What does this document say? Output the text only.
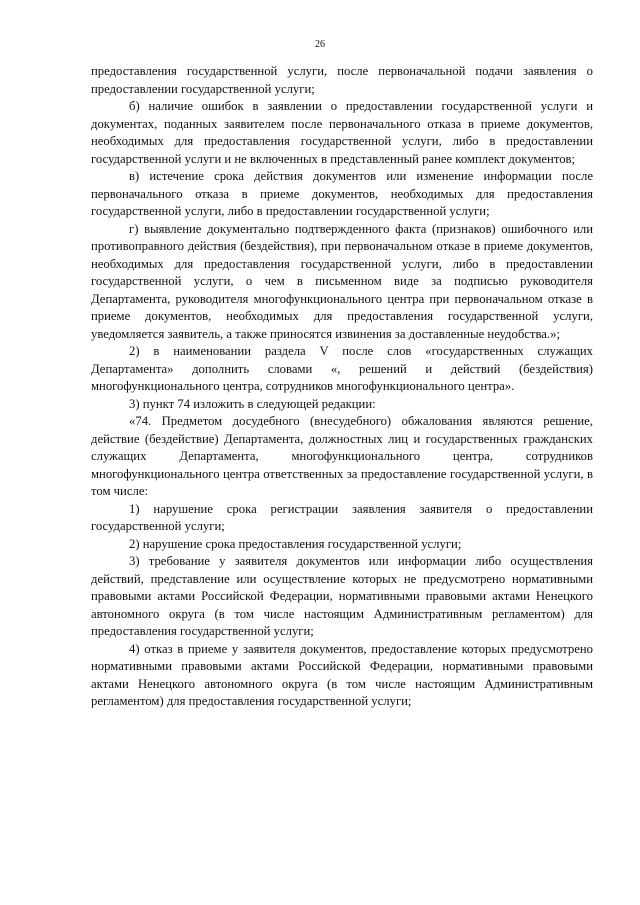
26

предоставления государственной услуги, после первоначальной подачи заявления о предоставлении государственной услуги;

б) наличие ошибок в заявлении о предоставлении государственной услуги и документах, поданных заявителем после первоначального отказа в приеме документов, необходимых для предоставления государственной услуги, либо в предоставлении государственной услуги и не включенных в представленный ранее комплект документов;

в) истечение срока действия документов или изменение информации после первоначального отказа в приеме документов, необходимых для предоставления государственной услуги, либо в предоставлении государственной услуги;

г) выявление документально подтвержденного факта (признаков) ошибочного или противоправного действия (бездействия), при первоначальном отказе в приеме документов, необходимых для предоставления государственной услуги, либо в предоставлении государственной услуги, о чем в письменном виде за подписью руководителя Департамента, руководителя многофункционального центра при первоначальном отказе в приеме документов, необходимых для предоставления государственной услуги, уведомляется заявитель, а также приносятся извинения за доставленные неудобства.»;

2) в наименовании раздела V после слов «государственных служащих Департамента» дополнить словами «, решений и действий (бездействия) многофункционального центра, сотрудников многофункционального центра».

3) пункт 74 изложить в следующей редакции:

«74. Предметом досудебного (внесудебного) обжалования являются решение, действие (бездействие) Департамента, должностных лиц и государственных гражданских служащих Департамента, многофункционального центра, сотрудников многофункционального центра ответственных за предоставление государственной услуги, в том числе:

1) нарушение срока регистрации заявления заявителя о предоставлении государственной услуги;

2) нарушение срока предоставления государственной услуги;

3) требование у заявителя документов или информации либо осуществления действий, представление или осуществление которых не предусмотрено нормативными правовыми актами Российской Федерации, нормативными правовыми актами Ненецкого автономного округа (в том числе настоящим Административным регламентом) для предоставления государственной услуги;

4) отказ в приеме у заявителя документов, предоставление которых предусмотрено нормативными правовыми актами Российской Федерации, нормативными правовыми актами Ненецкого автономного округа (в том числе настоящим Административным регламентом) для предоставления государственной услуги;
